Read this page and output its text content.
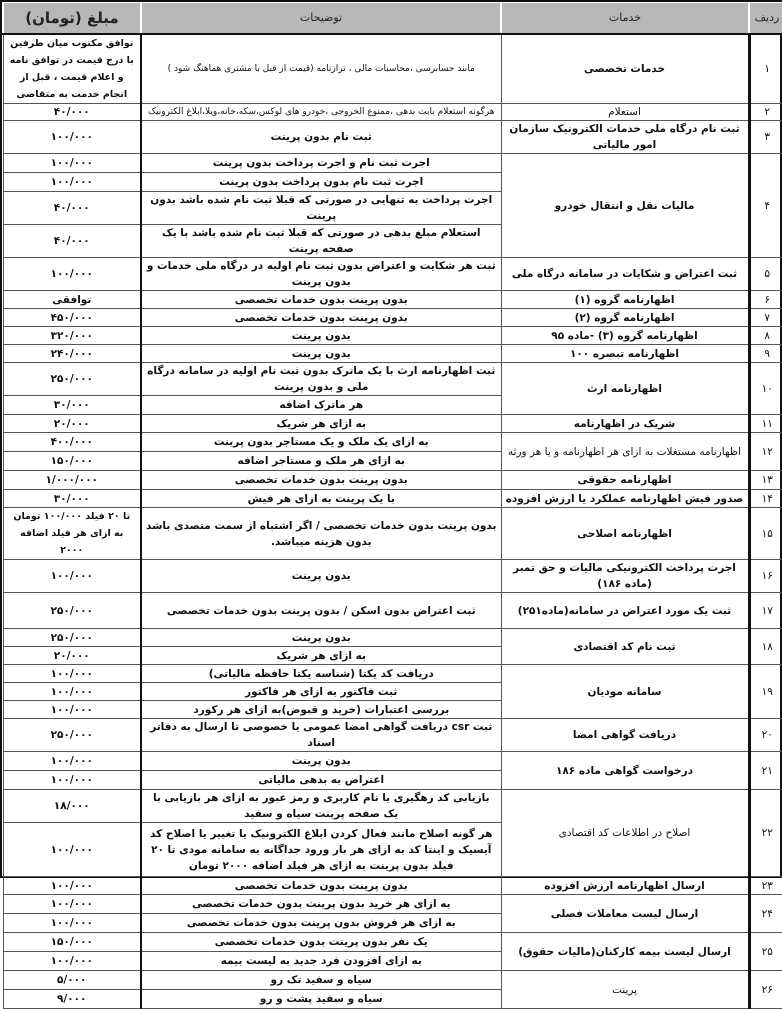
ردیف	خدمات	توضیحات	مبلغ (تومان)
۱	خدمات تخصصی	مانند حسابرسی ،محاسبات مالی ، ترازنامه (قیمت از قبل با مشتری هماهنگ شود )	توافق مکتوب میان طرفین با درج قیمت در توافق نامه و اعلام قیمت ، قبل از انجام خدمت به متقاضی
۲	استعلام	هرگونه استعلام بابت بدهی ،ممنوع الخروجی ،خودرو های لوکس،سکه،خانه،ویلا،ابلاغ الکترونیک	۴۰/۰۰۰
۳	ثبت نام درگاه ملی خدمات الکترونیک سازمان امور مالیاتی	ثبت نام بدون پرینت	۱۰۰/۰۰۰
۴	مالیات نقل و انتقال خودرو	اجرت ثبت نام و اجرت پرداخت بدون پرینت	۱۰۰/۰۰۰
		اجرت ثبت نام بدون پرداخت بدون پرینت	۱۰۰/۰۰۰
		اجرت پرداخت به تنهایی در صورتی که قبلا ثبت نام شده باشد بدون پرینت	۴۰/۰۰۰
		استعلام مبلغ بدهی در صورتی که قبلا ثبت نام شده باشد با یک صفحه پرینت	۴۰/۰۰۰
۵	ثبت اعتراض و شکایات در سامانه درگاه ملی	ثبت هر شکایت و اعتراض بدون ثبت نام اولیه در درگاه ملی خدمات و بدون پرینت	۱۰۰/۰۰۰
۶	اظهارنامه گروه (۱)	بدون پرینت بدون خدمات تخصصی	توافقی
۷	اظهارنامه گروه (۲)	بدون پرینت بدون خدمات تخصصی	۴۵۰/۰۰۰
۸	اظهارنامه گروه (۳) -ماده ۹۵	بدون پرینت	۳۲۰/۰۰۰
۹	اظهارنامه تبصره ۱۰۰	بدون پرینت	۲۴۰/۰۰۰
۱۰	اظهارنامه ارث	ثبت اظهارنامه ارث با یک ماترک بدون ثبت نام اولیه در سامانه درگاه ملی و بدون پرینت	۲۵۰/۰۰۰
		هر ماترک اضافه	۳۰/۰۰۰
۱۱	شریک در اظهارنامه	به ازای هر شریک	۲۰/۰۰۰
۱۲	اظهارنامه مستغلات به ازای هر اظهارنامه و یا هر ورثه	به ازای یک ملک و یک مستاجر بدون پرینت	۴۰۰/۰۰۰
		به ازای هر ملک و مستاجر اضافه	۱۵۰/۰۰۰
۱۳	اظهارنامه حقوقی	بدون پرینت بدون خدمات تخصصی	۱/۰۰۰/۰۰۰
۱۴	صدور فیش اظهارنامه عملکرد یا ارزش افزوده	با یک پرینت به ازای هر فیش	۳۰/۰۰۰
۱۵	اظهارنامه اصلاحی	بدون پرینت بدون خدمات تخصصی / اگر اشتباه از سمت متصدی باشد بدون هزینه میباشد.	تا ۲۰ فیلد ۱۰۰/۰۰۰ تومان به ازای هر فیلد اضافه ۲۰۰۰
۱۶	اجرت پرداخت الکترونیکی مالیات و حق تمبر (ماده ۱۸۶)	بدون پرینت	۱۰۰/۰۰۰
۱۷	ثبت یک مورد اعتراض در سامانه(ماده۲۵۱)	ثبت اعتراض بدون اسکن / بدون پرینت بدون خدمات تخصصی	۲۵۰/۰۰۰
۱۸	ثبت نام کد اقتصادی	بدون پرینت	۲۵۰/۰۰۰
		به ازای هر شریک	۲۰/۰۰۰
۱۹	سامانه مودیان	دریافت کد یکتا (شناسه یکتا حافظه مالیاتی)	۱۰۰/۰۰۰
		ثبت فاکتور به ازای هر فاکتور	۱۰۰/۰۰۰
		بررسی اعتبارات (خرید و قبوض)به ازای هر رکورد	۱۰۰/۰۰۰
۲۰	دریافت گواهی امضا	ثبت csr دریافت گواهی امضا عمومی یا خصوصی تا ارسال به دفاتر اسناد	۲۵۰/۰۰۰
۲۱	درخواست گواهی ماده ۱۸۶	بدون پرینت	۱۰۰/۰۰۰
		اعتراض به بدهی مالیاتی	۱۰۰/۰۰۰
۲۲	اصلاح در اطلاعات کد اقتصادی	بازیابی کد رهگیری یا نام کاربری و رمز عبور به ازای هر بازیابی با یک صفحه پرینت سیاه و سفید	۱۸/۰۰۰
		هر گونه اصلاح مانند فعال کردن ابلاغ الکترونیک یا تغییر یا اصلاح کد آیسیک و اینتا کد به ازای هر بار ورود جداگانه به سامانه مودی تا ۲۰ فیلد بدون پرینت به ازای هر فیلد اضافه ۲۰۰۰ تومان	۱۰۰/۰۰۰
۲۳	ارسال اظهارنامه ارزش افزوده	بدون پرینت بدون خدمات تخصصی	۱۰۰/۰۰۰
۲۴	ارسال لیست معاملات فصلی	به ازای هر خرید بدون پرینت بدون خدمات تخصصی	۱۰۰/۰۰۰
		به ازای هر فروش بدون پرینت بدون خدمات تخصصی	۱۰۰/۰۰۰
۲۵	ارسال لیست بیمه کارکنان(مالیات حقوق)	یک نفر بدون پرینت بدون خدمات تخصصی	۱۵۰/۰۰۰
		به ازای افزودن فرد جدید به لیست بیمه	۱۰۰/۰۰۰
۲۶	پرینت	سیاه و سفید تک رو	۵/۰۰۰
		سیاه و سفید پشت و رو	۹/۰۰۰
